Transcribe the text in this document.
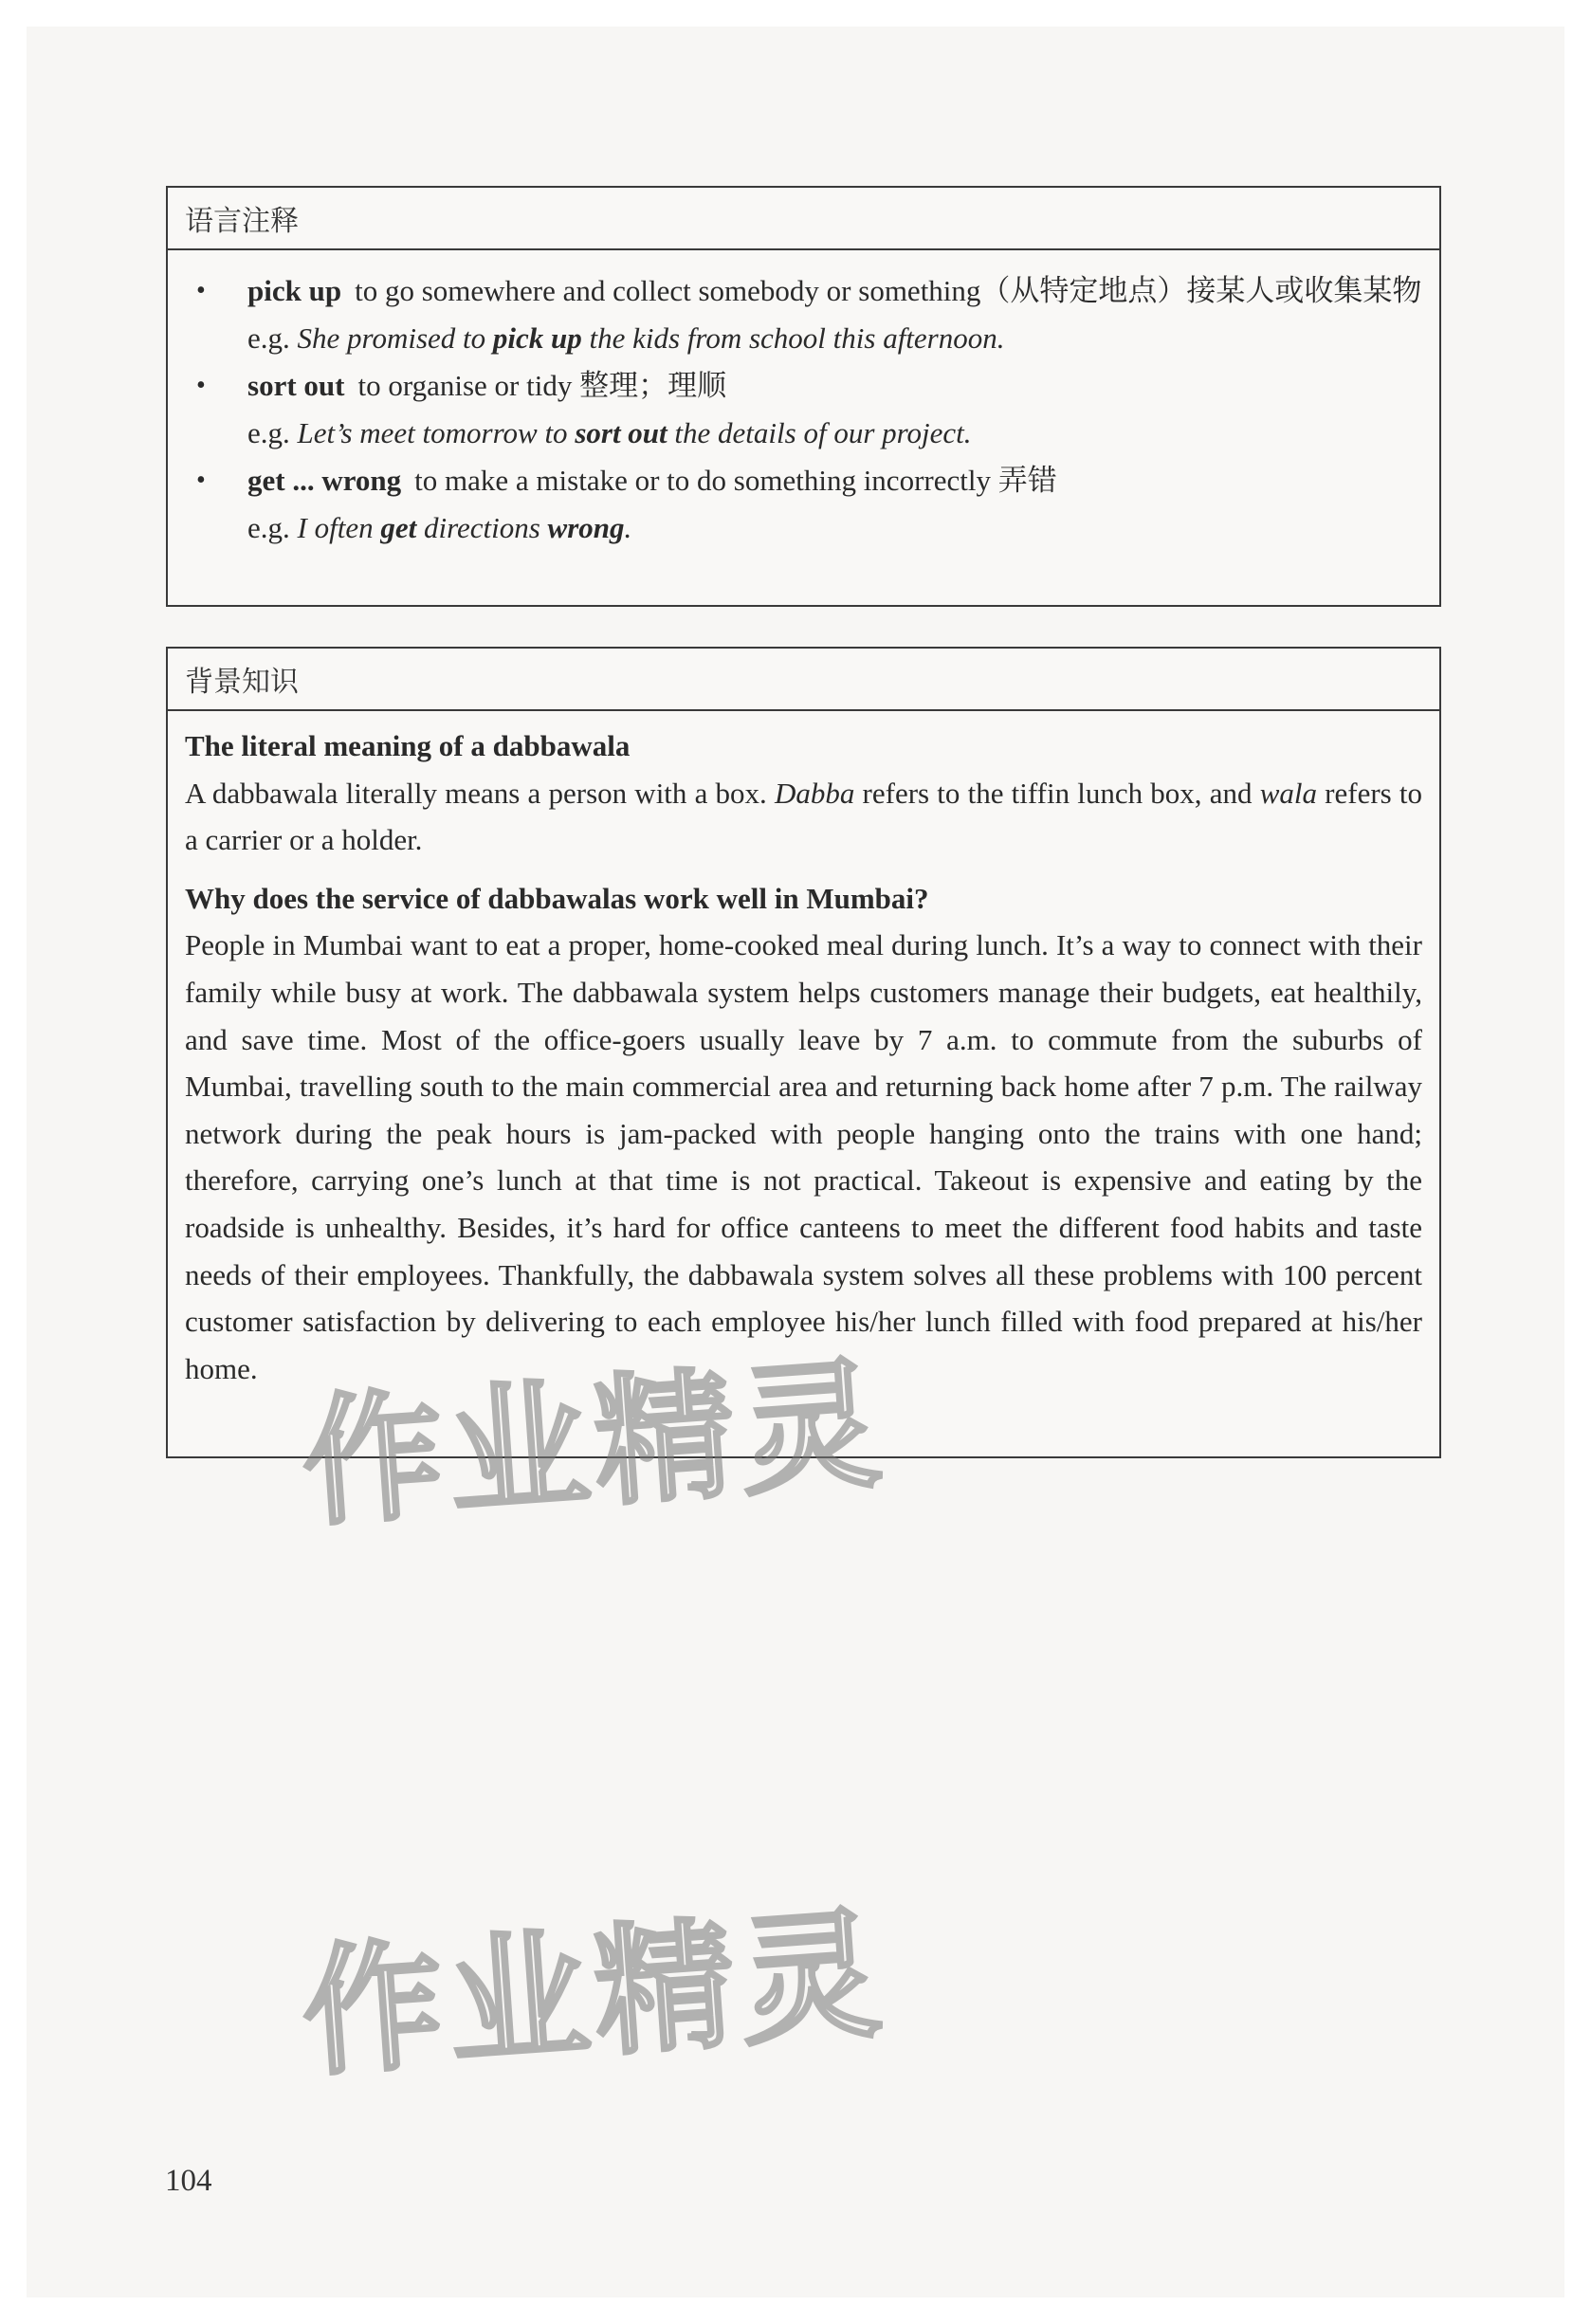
语言注释
• pick up to go somewhere and collect somebody or something（从特定地点）接某人或收集某物
e.g. She promised to pick up the kids from school this afternoon.
• sort out to organise or tidy 整理；理顺
e.g. Let’s meet tomorrow to sort out the details of our project.
• get ... wrong to make a mistake or to do something incorrectly 弄错
e.g. I often get directions wrong.
背景知识

The literal meaning of a dabbawala

A dabbawala literally means a person with a box. Dabba refers to the tiffin lunch box, and wala refers to a carrier or a holder.

Why does the service of dabbawalas work well in Mumbai?

People in Mumbai want to eat a proper, home-cooked meal during lunch. It’s a way to connect with their family while busy at work. The dabbawala system helps customers manage their budgets, eat healthily, and save time. Most of the office-goers usually leave by 7 a.m. to commute from the suburbs of Mumbai, travelling south to the main commercial area and returning back home after 7 p.m. The railway network during the peak hours is jam-packed with people hanging onto the trains with one hand; therefore, carrying one’s lunch at that time is not practical. Takeout is expensive and eating by the roadside is unhealthy. Besides, it’s hard for office canteens to meet the different food habits and taste needs of their employees. Thankfully, the dabbawala system solves all these problems with 100 percent customer satisfaction by delivering to each employee his/her lunch filled with food prepared at his/her home. 作业精灵
作业精灵
104
